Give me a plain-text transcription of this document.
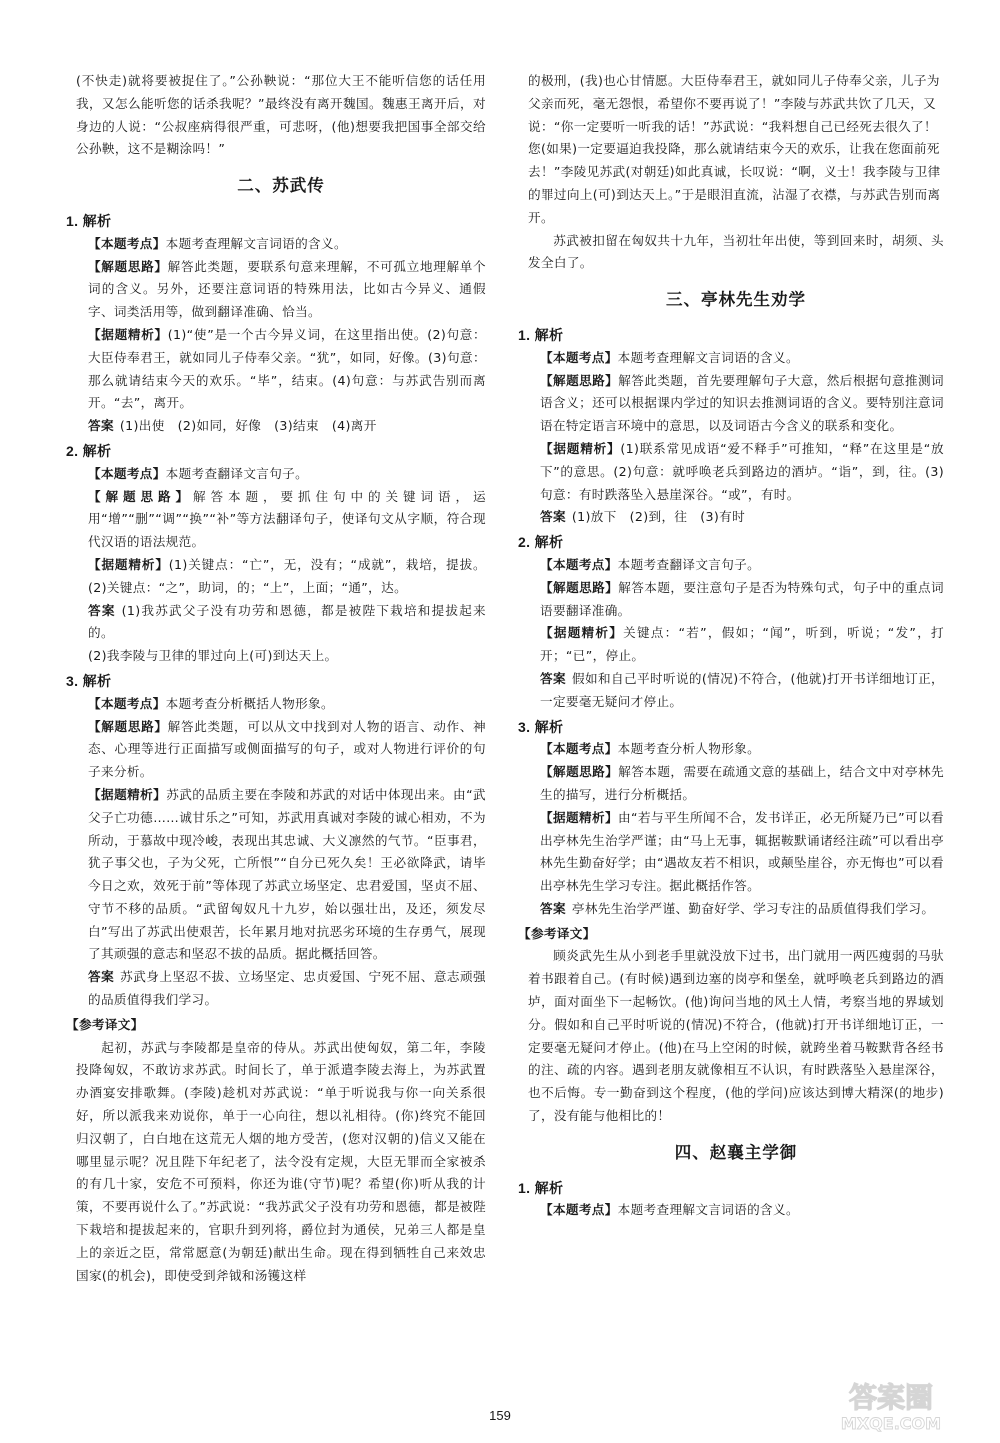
(不快走)就将要被捉住了。”公孙鞅说：“那位大王不能听信您的话任用我，又怎么能听您的话杀我呢？”最终没有离开魏国。魏惠王离开后，对身边的人说：“公叔座病得很严重，可悲呀，(他)想要我把国事全部交给公孙鞅，这不是糊涂吗！”

二、苏武传
1. 解析

【本题考点】本题考查理解文言词语的含义。

【解题思路】解答此类题，要联系句意来理解，不可孤立地理解单个词的含义。另外，还要注意词语的特殊用法，比如古今异义、通假字、词类活用等，做到翻译准确、恰当。

【据题精析】(1)“使”是一个古今异义词，在这里指出使。(2)句意：大臣侍奉君王，就如同儿子侍奉父亲。“犹”，如同，好像。(3)句意：那么就请结束今天的欢乐。“毕”，结束。(4)句意：与苏武告别而离开。“去”，离开。

答案 (1)出使　(2)如同，好像　(3)结束　(4)离开

2. 解析

【本题考点】本题考查翻译文言句子。

【解题思路】解答本题，要抓住句中的关键词语，运用“增”“删”“调”“换”“补”等方法翻译句子，使译句文从字顺，符合现代汉语的语法规范。

【据题精析】(1)关键点：“亡”，无，没有；“成就”，栽培，提拔。(2)关键点：“之”，助词，的；“上”，上面；“通”，达。

答案 (1)我苏武父子没有功劳和恩德，都是被陛下栽培和提拔起来的。

(2)我李陵与卫律的罪过向上(可)到达天上。

3. 解析

【本题考点】本题考查分析概括人物形象。

【解题思路】解答此类题，可以从文中找到对人物的语言、动作、神态、心理等进行正面描写或侧面描写的句子，或对人物进行评价的句子来分析。

【据题精析】苏武的品质主要在李陵和苏武的对话中体现出来。由“武父子亡功德……诚甘乐之”可知，苏武用真诚对李陵的诚心相劝，不为所动，于慕故中现冷峻，表现出其忠诚、大义凛然的气节。“臣事君，犹子事父也，子为父死，亡所恨”“自分已死久矣！王必欲降武，请毕今日之欢，效死于前”等体现了苏武立场坚定、忠君爱国，坚贞不屈、守节不移的品质。“武留匈奴凡十九岁，始以强壮出，及还，须发尽白”写出了苏武出使艰苦，长年累月地对抗恶劣环境的生存勇气，展现了其顽强的意志和坚忍不拔的品质。据此概括回答。

答案 苏武身上坚忍不拔、立场坚定、忠贞爱国、宁死不屈、意志顽强的品质值得我们学习。

【参考译文】

起初，苏武与李陵都是皇帝的侍从。苏武出使匈奴，第二年，李陵投降匈奴，不敢访求苏武。时间长了，单于派遣李陵去海上，为苏武置办酒宴安排歌舞。(李陵)趁机对苏武说：“单于听说我与你一向关系很好，所以派我来劝说你，单于一心向往，想以礼相待。(你)终究不能回归汉朝了，白白地在这荒无人烟的地方受苦，(您对汉朝的)信义又能在哪里显示呢？况且陛下年纪老了，法令没有定规，大臣无罪而全家被杀的有几十家，安危不可预料，你还为谁(守节)呢？希望(你)听从我的计策，不要再说什么了。”苏武说：“我苏武父子没有功劳和恩德，都是被陛下栽培和提拔起来的，官职升到列将，爵位封为通侯，兄弟三人都是皇上的亲近之臣，常常愿意(为朝廷)献出生命。现在得到牺牲自己来效忠国家(的机会)，即使受到斧钺和汤镬这样

的极刑，(我)也心甘情愿。大臣侍奉君王，就如同儿子侍奉父亲，儿子为父亲而死，毫无怨恨，希望你不要再说了！”李陵与苏武共饮了几天，又说：“你一定要听一听我的话！”苏武说：“我料想自己已经死去很久了！您(如果)一定要逼迫我投降，那么就请结束今天的欢乐，让我在您面前死去！”李陵见苏武(对朝廷)如此真诚，长叹说：“啊，义士！我李陵与卫律的罪过向上(可)到达天上。”于是眼泪直流，沾湿了衣襟，与苏武告别而离开。

苏武被扣留在匈奴共十九年，当初壮年出使，等到回来时，胡须、头发全白了。

三、亭林先生劝学
1. 解析

【本题考点】本题考查理解文言词语的含义。

【解题思路】解答此类题，首先要理解句子大意，然后根据句意推测词语含义；还可以根据课内学过的知识去推测词语的含义。要特别注意词语在特定语言环境中的意思，以及词语古今含义的联系和变化。

【据题精析】(1)联系常见成语“爱不释手”可推知，“释”在这里是“放下”的意思。(2)句意：就呼唤老兵到路边的酒垆。“诣”，到，往。(3)句意：有时跌落坠入悬崖深谷。“或”，有时。

答案 (1)放下　(2)到，往　(3)有时

2. 解析

【本题考点】本题考查翻译文言句子。

【解题思路】解答本题，要注意句子是否为特殊句式，句子中的重点词语要翻译准确。

【据题精析】关键点：“若”，假如；“闻”，听到，听说；“发”，打开；“已”，停止。

答案 假如和自己平时听说的(情况)不符合，(他就)打开书详细地订正，一定要毫无疑问才停止。

3. 解析

【本题考点】本题考查分析人物形象。

【解题思路】解答本题，需要在疏通文意的基础上，结合文中对亭林先生的描写，进行分析概括。

【据题精析】由“若与平生所闻不合，发书详正，必无所疑乃已”可以看出亭林先生治学严谨；由“马上无事，辄据鞍默诵诸经注疏”可以看出亭林先生勤奋好学；由“遇故友若不相识，或颠坠崖谷，亦无悔也”可以看出亭林先生学习专注。据此概括作答。

答案 亭林先生治学严谨、勤奋好学、学习专注的品质值得我们学习。

【参考译文】

顾炎武先生从小到老手里就没放下过书，出门就用一两匹瘦弱的马驮着书跟着自己。(有时候)遇到边塞的岗亭和堡垒，就呼唤老兵到路边的酒垆，面对面坐下一起畅饮。(他)询问当地的风土人情，考察当地的界域划分。假如和自己平时听说的(情况)不符合，(他就)打开书详细地订正，一定要毫无疑问才停止。(他)在马上空闲的时候，就跨坐着马鞍默背各经书的注、疏的内容。遇到老朋友就像相互不认识，有时跌落坠入悬崖深谷，也不后悔。专一勤奋到这个程度，(他的学问)应该达到博大精深(的地步)了，没有能与他相比的！

四、赵襄主学御
1. 解析

【本题考点】本题考查理解文言词语的含义。

159
答案圈
MXQE.COM
